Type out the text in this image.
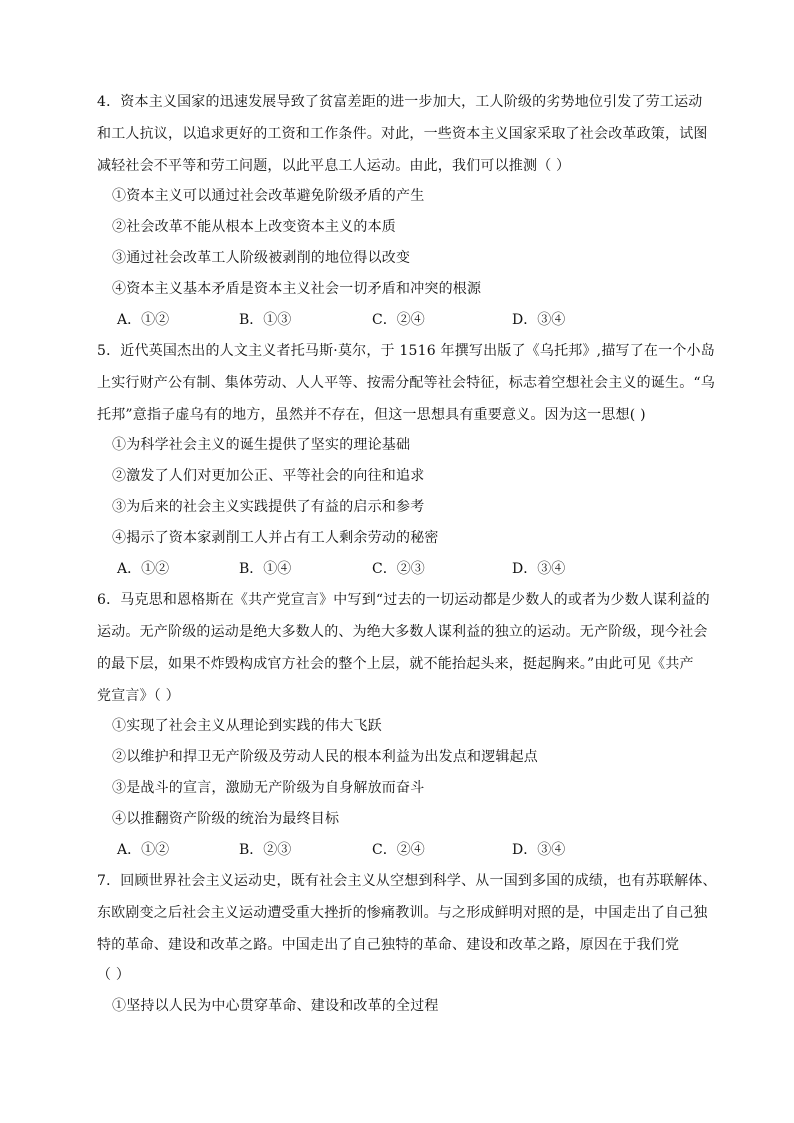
4．资本主义国家的迅速发展导致了贫富差距的进一步加大，工人阶级的劣势地位引发了劳工运动
和工人抗议，以追求更好的工资和工作条件。对此，一些资本主义国家采取了社会改革政策，试图
减轻社会不平等和劳工问题，以此平息工人运动。由此，我们可以推测（ ）
①资本主义可以通过社会改革避免阶级矛盾的产生
②社会改革不能从根本上改变资本主义的本质
③通过社会改革工人阶级被剥削的地位得以改变
④资本主义基本矛盾是资本主义社会一切矛盾和冲突的根源
A．①②	B．①③	C．②④	D．③④
5．近代英国杰出的人文主义者托马斯·莫尔，于 1516 年撰写出版了《乌托邦》,描写了在一个小岛
上实行财产公有制、集体劳动、人人平等、按需分配等社会特征，标志着空想社会主义的诞生。“乌
托邦”意指子虚乌有的地方，虽然并不存在，但这一思想具有重要意义。因为这一思想( )
①为科学社会主义的诞生提供了坚实的理论基础
②激发了人们对更加公正、平等社会的向往和追求
③为后来的社会主义实践提供了有益的启示和参考
④揭示了资本家剥削工人并占有工人剩余劳动的秘密
A．①②	B．①④	C．②③	D．③④
6．马克思和恩格斯在《共产党宣言》中写到“过去的一切运动都是少数人的或者为少数人谋利益的
运动。无产阶级的运动是绝大多数人的、为绝大多数人谋利益的独立的运动。无产阶级，现今社会
的最下层，如果不炸毁构成官方社会的整个上层，就不能抬起头来，挺起胸来。”由此可见《共产
党宣言》（ ）
①实现了社会主义从理论到实践的伟大飞跃
②以维护和捍卫无产阶级及劳动人民的根本利益为出发点和逻辑起点
③是战斗的宣言，激励无产阶级为自身解放而奋斗
④以推翻资产阶级的统治为最终目标
A．①②	B．②③	C．②④	D．③④
7．回顾世界社会主义运动史，既有社会主义从空想到科学、从一国到多国的成绩，也有苏联解体、
东欧剧变之后社会主义运动遭受重大挫折的惨痛教训。与之形成鲜明对照的是，中国走出了自己独
特的革命、建设和改革之路。中国走出了自己独特的革命、建设和改革之路，原因在于我们党
（ ）
①坚持以人民为中心贯穿革命、建设和改革的全过程
